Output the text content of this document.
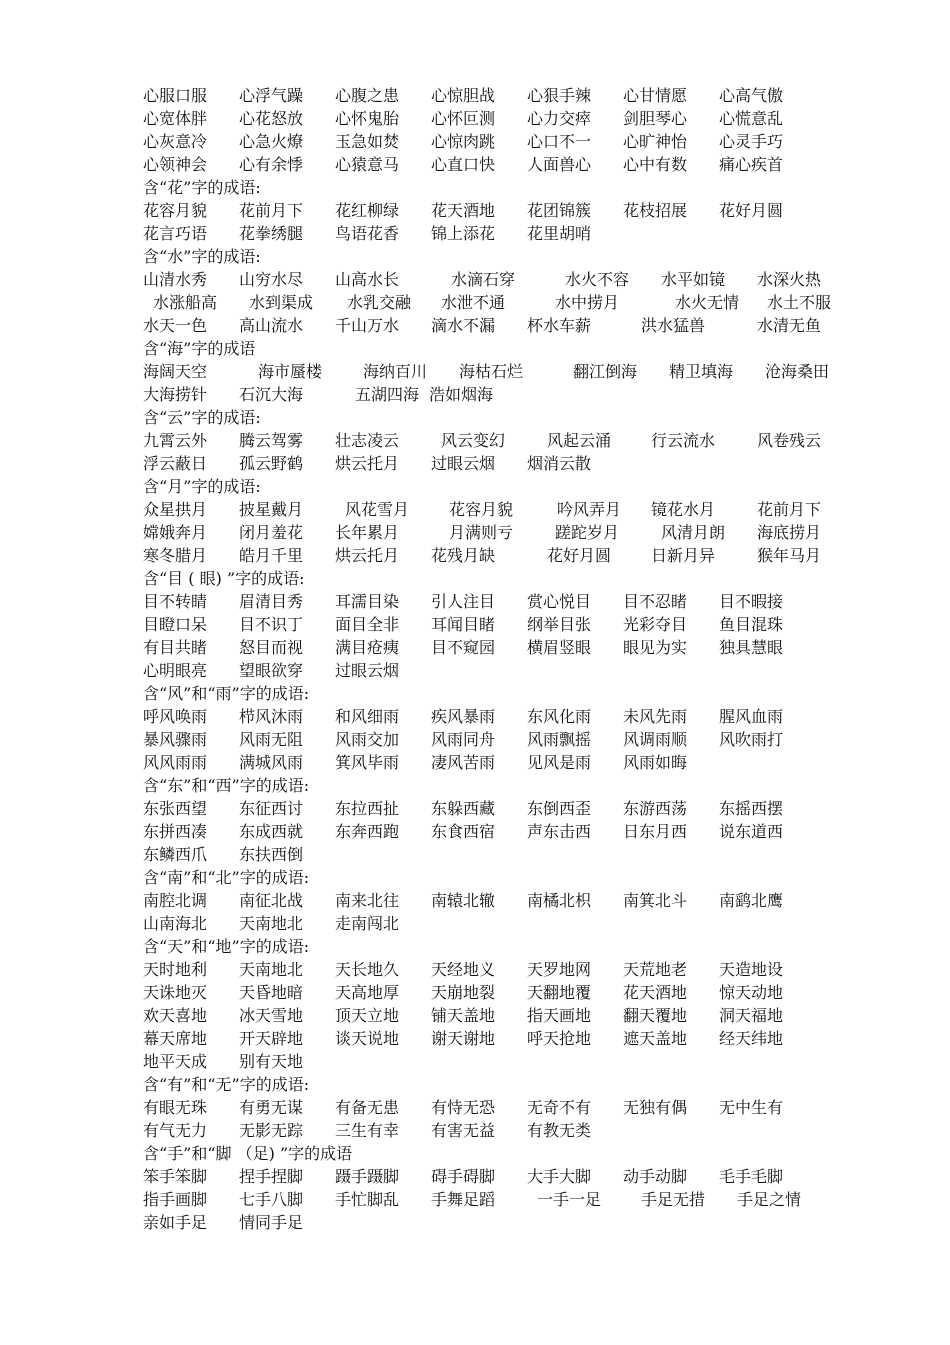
心服口服 心浮气躁 心腹之患 心惊胆战 心狠手辣 心甘情愿 心高气傲
心宽体胖 心花怒放 心怀鬼胎 心怀叵测 心力交瘁 剑胆琴心 心慌意乱
心灰意冷 心急火燎 玉急如焚 心惊肉跳 心口不一 心旷神怡 心灵手巧
心领神会 心有余悸 心猿意马 心直口快 人面兽心 心中有数 痛心疾首
含“花”字的成语:
花容月貌 花前月下 花红柳绿 花天酒地 花团锦簇 花枝招展 花好月圆
花言巧语 花拳绣腿 鸟语花香 锦上添花 花里胡哨
含“水”字的成语:
山清水秀 山穷水尽 山高水长	水滴石穿	水火不容 水平如镜 水深火热
水涨船高 水到渠成 水乳交融 水泄不通	水中捞月	水火无情 水土不服
水天一色 高山流水 千山万水 滴水不漏 杯水车薪	洪水猛兽	水清无鱼
含“海”字的成语
海阔天空	海市蜃楼	海纳百川 海枯石烂	翻江倒海 精卫填海 沧海桑田
大海捞针 石沉大海	五湖四海 浩如烟海
含“云”字的成语:
九霄云外 腾云驾雾 壮志凌云	风云变幻	风起云涌 行云流水	风卷残云
浮云蔽日 孤云野鹤 烘云托月 过眼云烟 烟消云散
含“月”字的成语:
众星拱月 披星戴月	风花雪月 花容月貌	吟风弄月 镜花水月	花前月下
嫦娥奔月 闭月羞花 长年累月	月满则亏	蹉跎岁月	风清月朗 海底捞月
寒冬腊月 皓月千里 烘云托月 花残月缺	花好月圆 日新月异	猴年马月
含“目 ( 眼) ”字的成语:
目不转睛 眉清目秀 耳濡目染 引人注目 赏心悦目 目不忍睹 目不暇接
目瞪口呆 目不识丁 面目全非 耳闻目睹 纲举目张 光彩夺目 鱼目混珠
有目共睹 怒目而视 满目疮痍 目不窥园 横眉竖眼 眼见为实 独具慧眼
心明眼亮 望眼欲穿 过眼云烟
含“风”和“雨”字的成语:
呼风唤雨 栉风沐雨 和风细雨 疾风暴雨 东风化雨 未风先雨 腥风血雨
暴风骤雨 风雨无阻 风雨交加 风雨同舟 风雨飘摇 风调雨顺 风吹雨打
风风雨雨 满城风雨 箕风毕雨 凄风苦雨 见风是雨 风雨如晦
含“东”和“西”字的成语:
东张西望 东征西讨 东拉西扯 东躲西藏 东倒西歪 东游西荡 东摇西摆
东拼西凑 东成西就 东奔西跑 东食西宿 声东击西 日东月西 说东道西
东鳞西爪 东扶西倒
含“南”和“北”字的成语:
南腔北调 南征北战 南来北往 南辕北辙 南橘北枳 南箕北斗 南鹞北鹰
山南海北 天南地北 走南闯北
含“天”和“地”字的成语:
天时地利 天南地北 天长地久 天经地义 天罗地网 天荒地老 天造地设
天诛地灭 天昏地暗 天高地厚 天崩地裂 天翻地覆 花天酒地 惊天动地
欢天喜地 冰天雪地 顶天立地 铺天盖地 指天画地 翻天覆地 洞天福地
幕天席地 开天辟地 谈天说地 谢天谢地 呼天抢地 遮天盖地 经天纬地
地平天成 别有天地
含“有”和“无”字的成语:
有眼无珠 有勇无谋 有备无患 有恃无恐 无奇不有 无独有偶 无中生有
有气无力 无影无踪 三生有幸 有害无益 有教无类
含“手”和“脚 （足) ”字的成语
笨手笨脚 捏手捏脚 蹑手蹑脚 碍手碍脚 大手大脚 动手动脚 毛手毛脚
指手画脚 七手八脚 手忙脚乱 手舞足蹈	一手一足 手足无措 手足之情
亲如手足 情同手足
